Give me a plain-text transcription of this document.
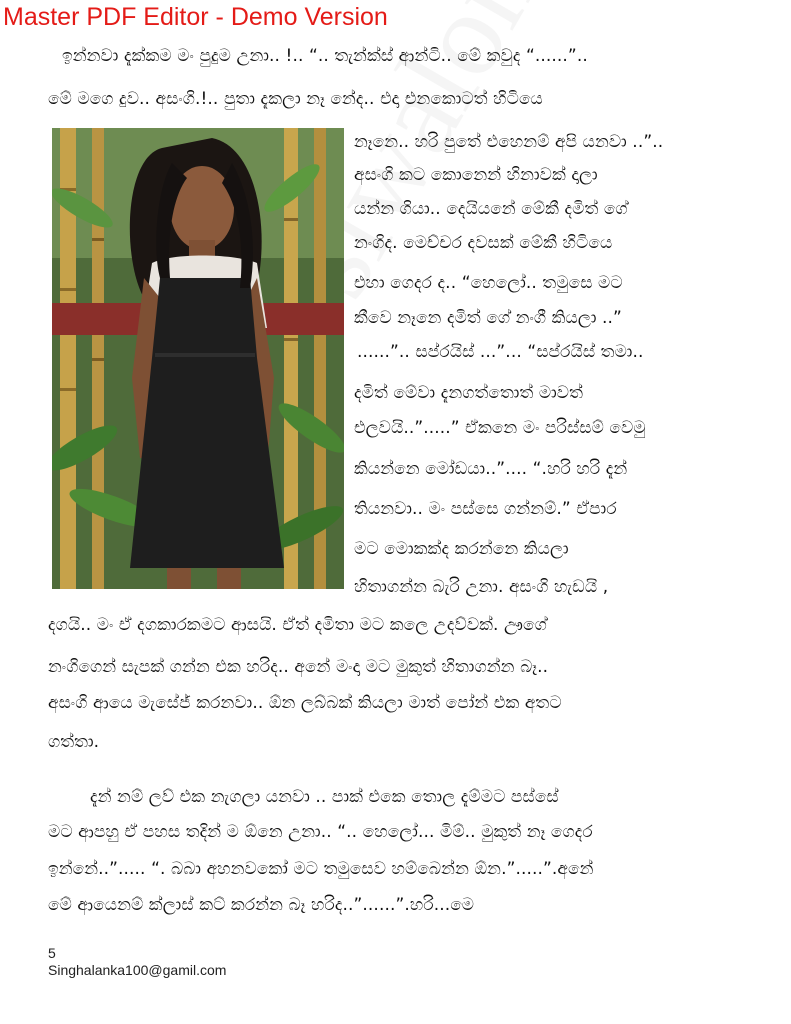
Master PDF Editor - Demo Version
ඉන්නවා දැක්කම මං පුදුම උනා.. !.. “.. තැන්ක්ස් ආන්ටි.. මේ කවුද “......”..
මේ මගෙ දුව.. අසංගි.!.. පුතා දැකලා නෑ නේද.. එදා එනකොටත් හිටියෙ
නෑනෙ.. හරි පුතේ එහෙනම් අපි යනවා ..”..
අසංගි කට කොනෙන් හිනාවක් දාලා
යන්න ගියා.. දෙයියනේ මේකී දමිත් ගේ
නංගිද. මෙච්චර දවසක් මේකී හිටියෙ
එහා ගෙදර ද.. “හෙලෝ.. තමුසෙ මට
කීවෙ නෑනෙ දමිත් ගේ නංගී කියලා ..”
......”.. සප්රයිස් ...”... “සප්රයිස් තමා..
දමිත් මේවා දැනගත්තොත් මාවත්
එලවයි..”.....” ඒකනෙ මං පරිස්සම් වෙමු
කියන්නෙ මෝඩයා..”.... “.හරි හරි දැන්
තියනවා.. මං පස්සෙ ගන්නම්.” ඒපාර
මට මොකක්ද කරන්නෙ කියලා
හිතාගන්න බැරි උනා. අසංගි හැඩයි ,
දගයි.. මං ඒ දගකාරකමට ආසයි. ඒත් දමිතා මට කලෙ උදව්වක්. ඌගේ
නංගිගෙන් සැපක් ගන්න එක හරිද.. අනේ මංදා මට මුකුත් හිතාගන්න බෑ..
අසංගි ආයෙ මැසේජ් කරනවා.. ඕන ලබ්බක් කියලා මාත් පෝන් එක අතට
ගත්තා.
දැන් නම් ලව් එක නැගලා යනවා .. පාක් එකෙ තොල දැම්මට පස්සේ
මට ආපහු ඒ පහස තදින් ම ඕනෙ උනා.. “.. හෙලෝ... මිම්.. මුකුත් නෑ ගෙදර
ඉන්නේ..”..... “. බබා අහනවකෝ මට තමුසෙව හම්බෙන්න ඕන.”.....”.අනේ
මේ ආයෙනම් ක්ලාස් කට් කරන්න බෑ හරිද..”......”.හරි...මෙ
5
Singhalanka100@gamil.com
